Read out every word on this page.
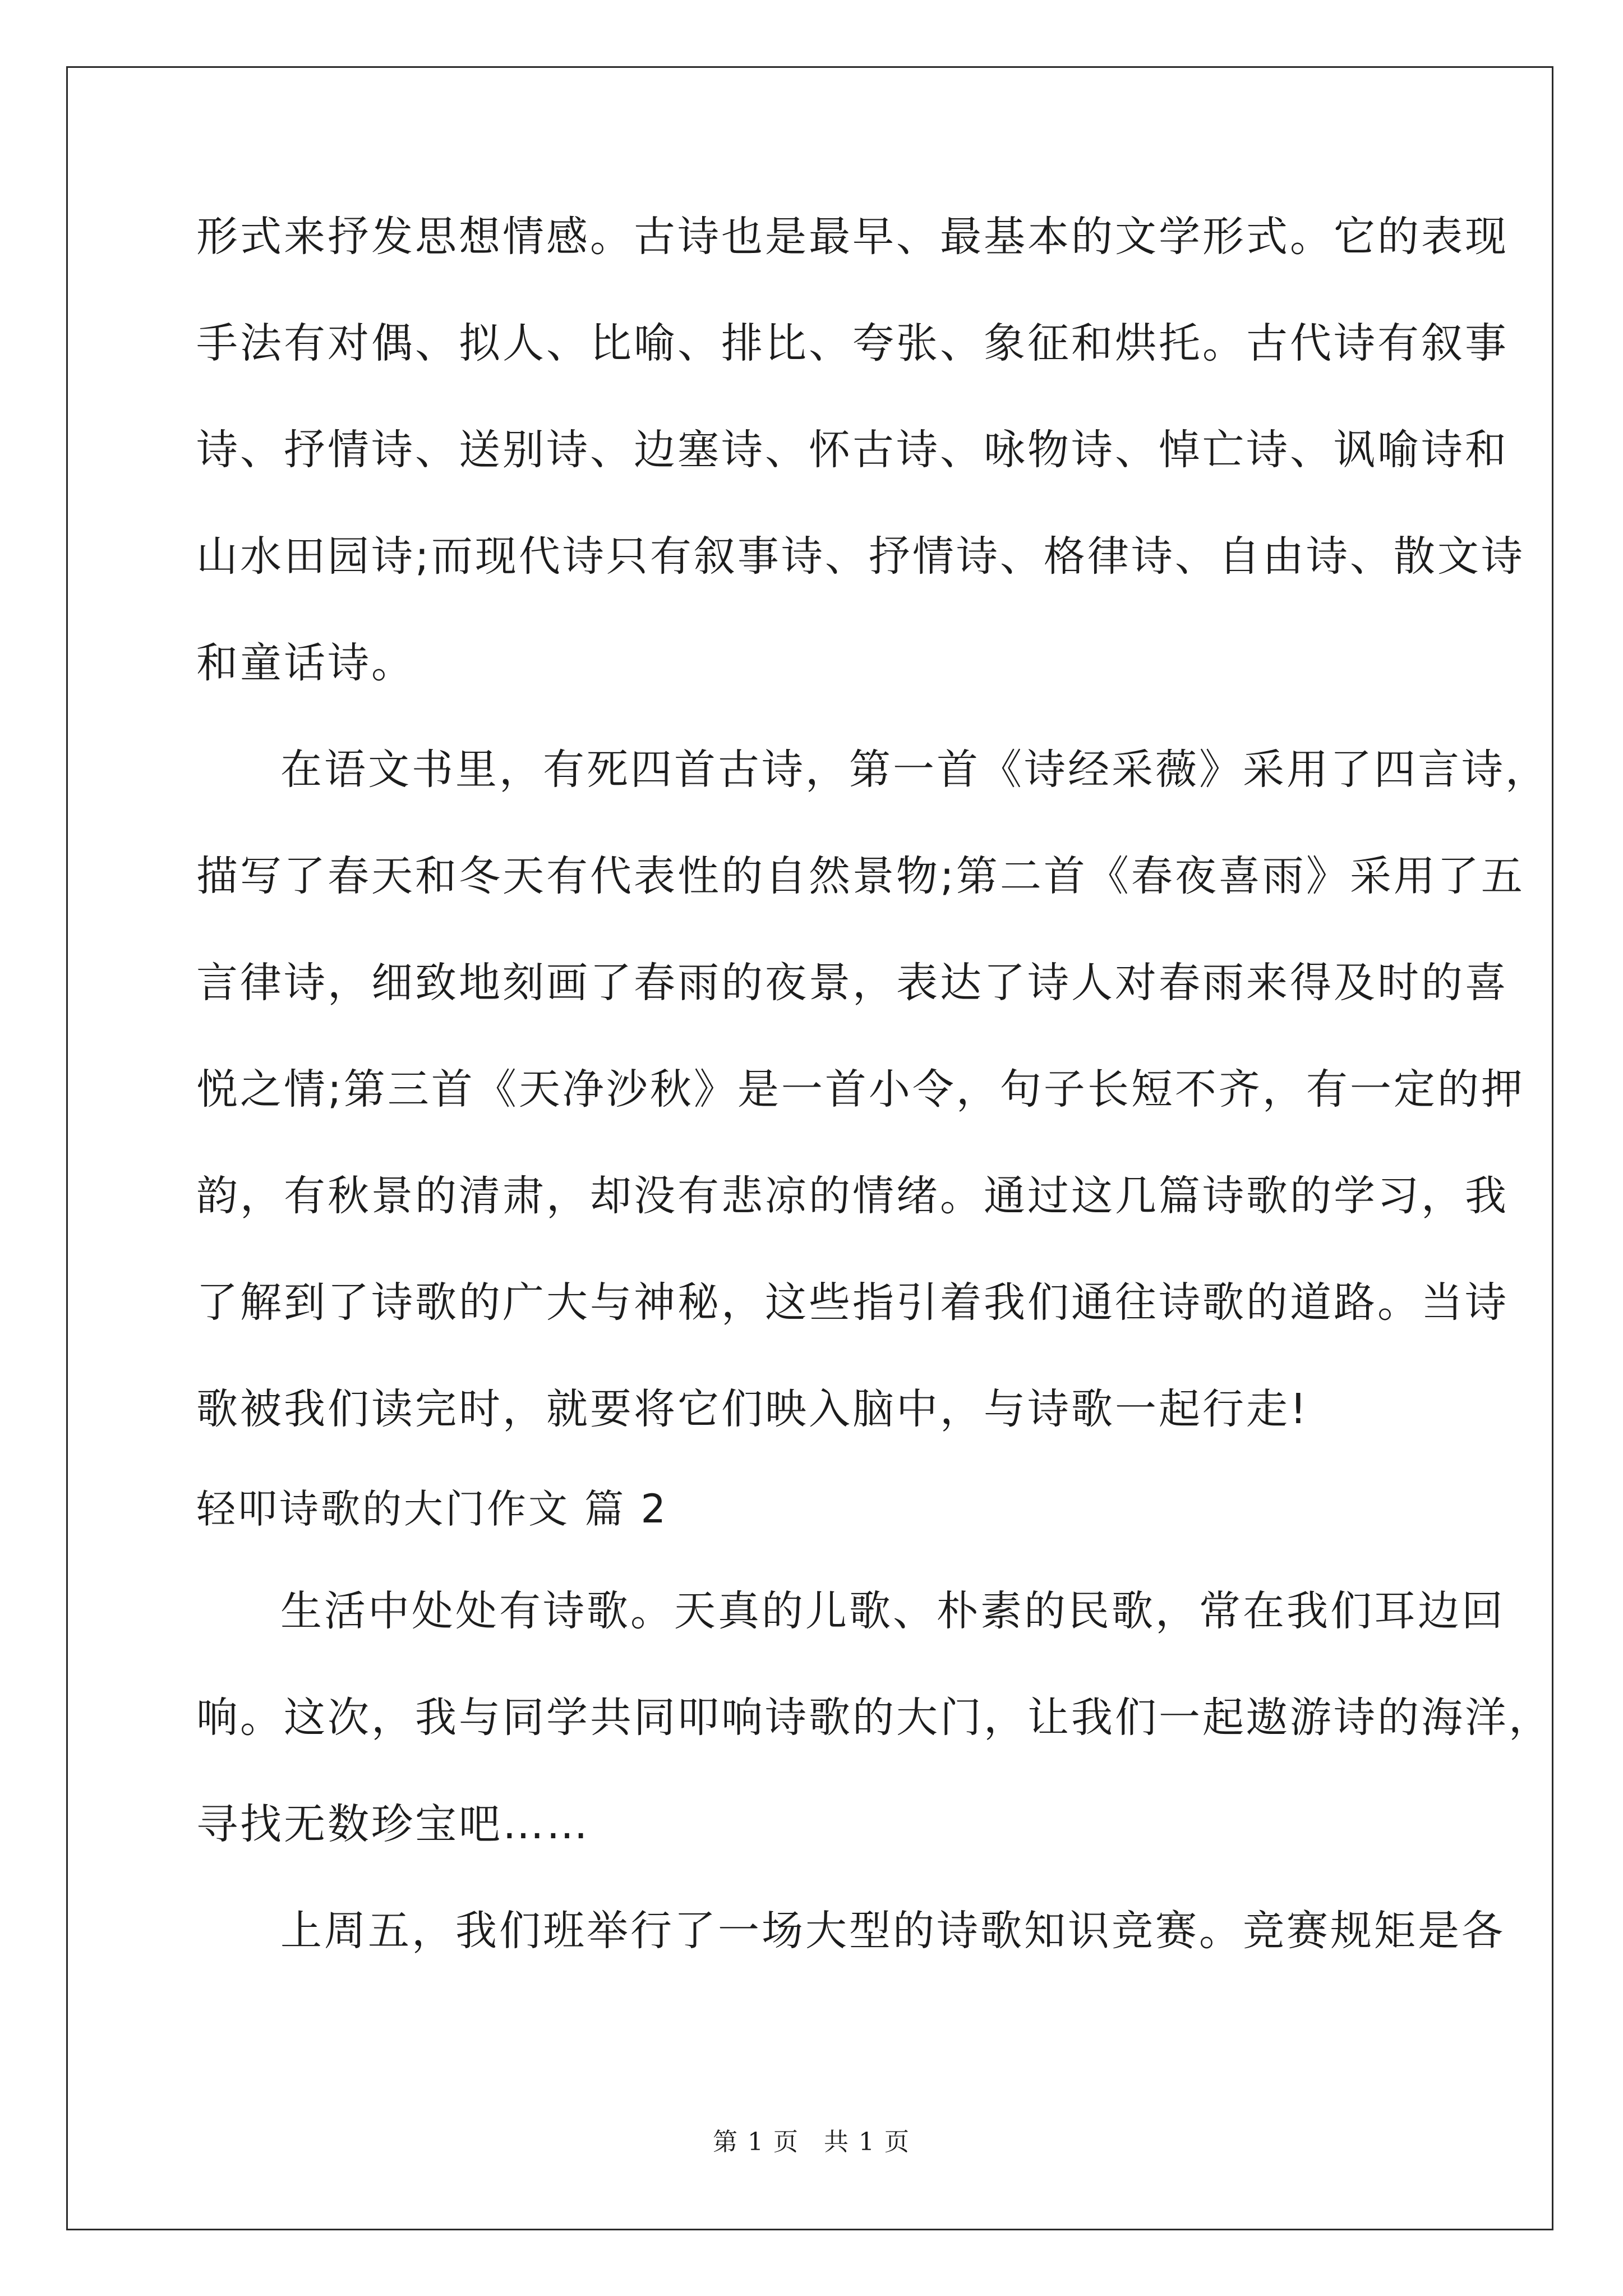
形式来抒发思想情感。古诗也是最早、最基本的文学形式。它的表现
手法有对偶、拟人、比喻、排比、夸张、象征和烘托。古代诗有叙事
诗、抒情诗、送别诗、边塞诗、怀古诗、咏物诗、悼亡诗、讽喻诗和
山水田园诗;而现代诗只有叙事诗、抒情诗、格律诗、自由诗、散文诗
和童话诗。
在语文书里，有死四首古诗，第一首《诗经采薇》采用了四言诗，
描写了春天和冬天有代表性的自然景物;第二首《春夜喜雨》采用了五
言律诗，细致地刻画了春雨的夜景，表达了诗人对春雨来得及时的喜
悦之情;第三首《天净沙秋》是一首小令，句子长短不齐，有一定的押
韵，有秋景的清肃，却没有悲凉的情绪。通过这几篇诗歌的学习，我
了解到了诗歌的广大与神秘，这些指引着我们通往诗歌的道路。当诗
歌被我们读完时，就要将它们映入脑中，与诗歌一起行走!
轻叩诗歌的大门作文 篇 2
生活中处处有诗歌。天真的儿歌、朴素的民歌，常在我们耳边回
响。这次，我与同学共同叩响诗歌的大门，让我们一起遨游诗的海洋，
寻找无数珍宝吧……
上周五，我们班举行了一场大型的诗歌知识竞赛。竞赛规矩是各
第 1 页 共 1 页
